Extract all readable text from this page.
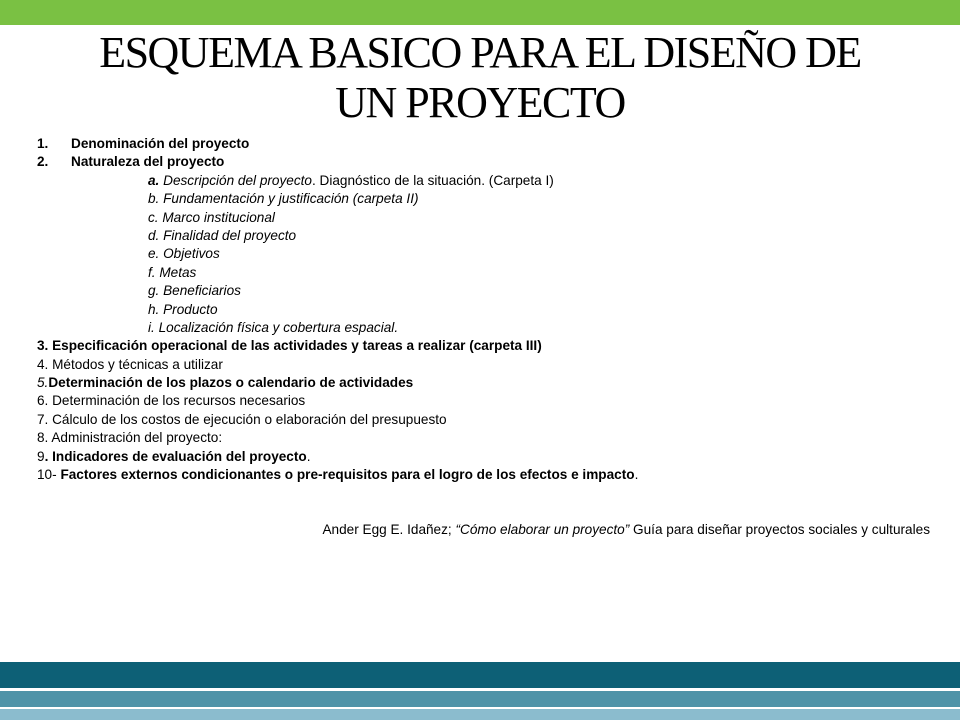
ESQUEMA BASICO PARA EL DISEÑO DE
UN PROYECTO
1.	Denominación del proyecto
2.	Naturaleza del proyecto
a. Descripción del proyecto. Diagnóstico de la situación. (Carpeta I)
b. Fundamentación y justificación (carpeta II)
c. Marco institucional
d. Finalidad del proyecto
e. Objetivos
f. Metas
g. Beneficiarios
h. Producto
i. Localización física y cobertura espacial.
3. Especificación operacional de las actividades y tareas a realizar (carpeta III)
4. Métodos y técnicas a utilizar
5.Determinación de los plazos o calendario de actividades
6. Determinación de los recursos necesarios
7. Cálculo de los costos de ejecución o elaboración del presupuesto
8. Administración del proyecto:
9. Indicadores de evaluación del proyecto.
10- Factores externos condicionantes o pre-requisitos para el logro de los efectos e impacto.
Ander Egg E. Idañez; “Cómo elaborar un proyecto” Guía para diseñar proyectos sociales y culturales
